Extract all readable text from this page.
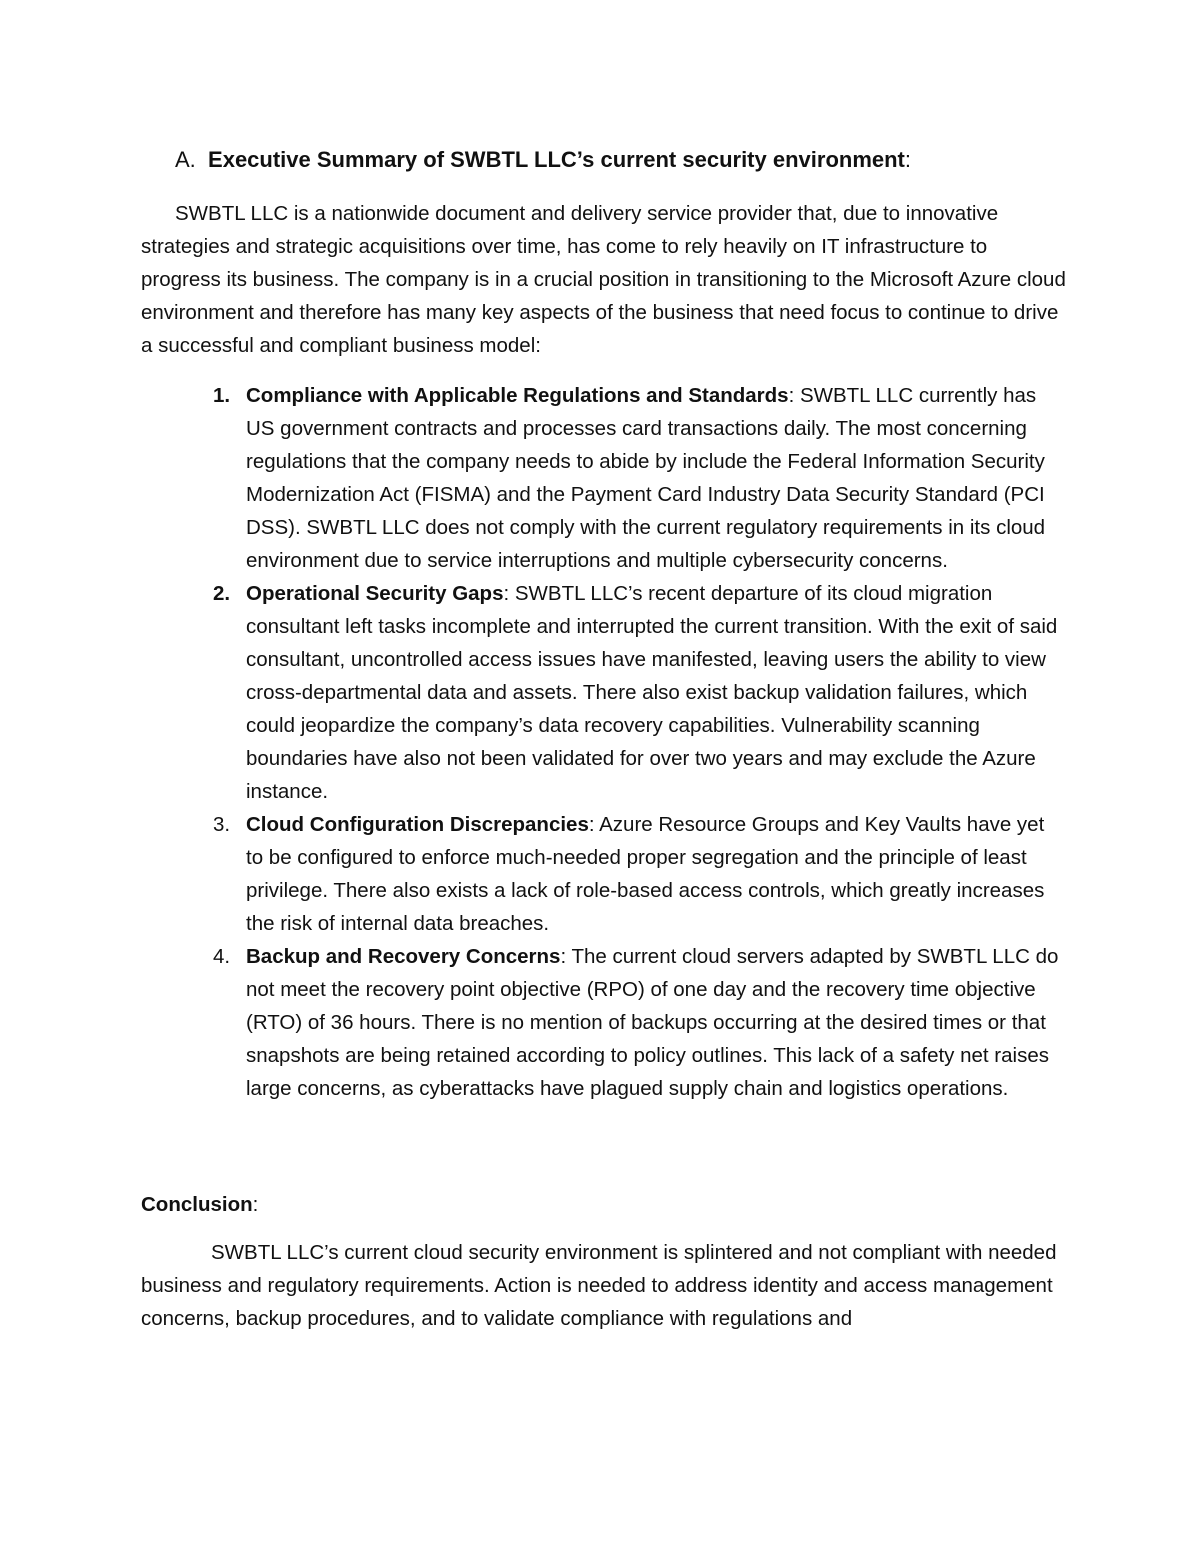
A. Executive Summary of SWBTL LLC’s current security environment:

SWBTL LLC is a nationwide document and delivery service provider that, due to innovative strategies and strategic acquisitions over time, has come to rely heavily on IT infrastructure to progress its business. The company is in a crucial position in transitioning to the Microsoft Azure cloud environment and therefore has many key aspects of the business that need focus to continue to drive a successful and compliant business model:

1. Compliance with Applicable Regulations and Standards: SWBTL LLC currently has US government contracts and processes card transactions daily. The most concerning regulations that the company needs to abide by include the Federal Information Security Modernization Act (FISMA) and the Payment Card Industry Data Security Standard (PCI DSS). SWBTL LLC does not comply with the current regulatory requirements in its cloud environment due to service interruptions and multiple cybersecurity concerns.
2. Operational Security Gaps: SWBTL LLC’s recent departure of its cloud migration consultant left tasks incomplete and interrupted the current transition. With the exit of said consultant, uncontrolled access issues have manifested, leaving users the ability to view cross-departmental data and assets. There also exist backup validation failures, which could jeopardize the company’s data recovery capabilities. Vulnerability scanning boundaries have also not been validated for over two years and may exclude the Azure instance.
3. Cloud Configuration Discrepancies: Azure Resource Groups and Key Vaults have yet to be configured to enforce much-needed proper segregation and the principle of least privilege. There also exists a lack of role-based access controls, which greatly increases the risk of internal data breaches.
4. Backup and Recovery Concerns: The current cloud servers adapted by SWBTL LLC do not meet the recovery point objective (RPO) of one day and the recovery time objective (RTO) of 36 hours. There is no mention of backups occurring at the desired times or that snapshots are being retained according to policy outlines. This lack of a safety net raises large concerns, as cyberattacks have plagued supply chain and logistics operations.

Conclusion:

SWBTL LLC’s current cloud security environment is splintered and not compliant with needed business and regulatory requirements. Action is needed to address identity and access management concerns, backup procedures, and to validate compliance with regulations and
